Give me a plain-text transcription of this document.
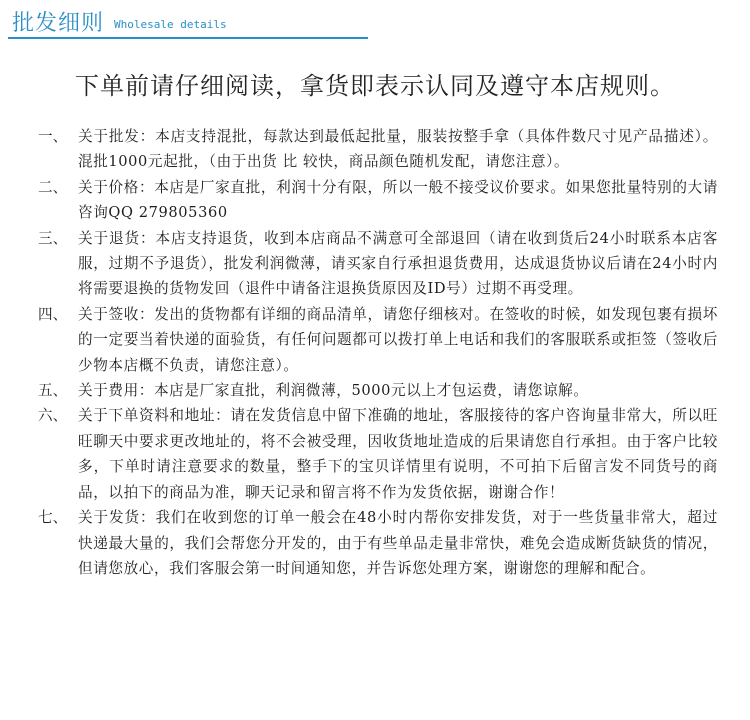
批发细则 Wholesale details
下单前请仔细阅读，拿货即表示认同及遵守本店规则。
一、 关于批发：本店支持混批，每款达到最低起批量，服装按整手拿（具体件数尺寸见产品描述）。混批1000元起批，（由于出货 比 较快，商品颜色随机发配，请您注意）。
二、 关于价格：本店是厂家直批，利润十分有限，所以一般不接受议价要求。如果您批量特别的大请咨询QQ 279805360
三、 关于退货：本店支持退货，收到本店商品不满意可全部退回（请在收到货后24小时联系本店客服，过期不予退货），批发利润微薄，请买家自行承担退货费用，达成退货协议后请在24小时内将需要退换的货物发回（退件中请备注退换货原因及ID号）过期不再受理。
四、 关于签收：发出的货物都有详细的商品清单，请您仔细核对。在签收的时候，如发现包裹有损坏的一定要当着快递的面验货，有任何问题都可以拨打单上电话和我们的客服联系或拒签（签收后少物本店概不负责，请您注意）。
五、 关于费用：本店是厂家直批，利润微薄，5000元以上才包运费，请您谅解。
六、 关于下单资料和地址：请在发货信息中留下准确的地址，客服接待的客户咨询量非常大，所以旺旺聊天中要求更改地址的，将不会被受理，因收货地址造成的后果请您自行承担。由于客户比较多，下单时请注意要求的数量，整手下的宝贝详情里有说明，不可拍下后留言发不同货号的商品，以拍下的商品为准，聊天记录和留言将不作为发货依据，谢谢合作！
七、 关于发货：我们在收到您的订单一般会在48小时内帮你安排发货，对于一些货量非常大，超过快递最大量的，我们会帮您分开发的，由于有些单品走量非常快，难免会造成断货缺货的情况，但请您放心，我们客服会第一时间通知您，并告诉您处理方案，谢谢您的理解和配合。
